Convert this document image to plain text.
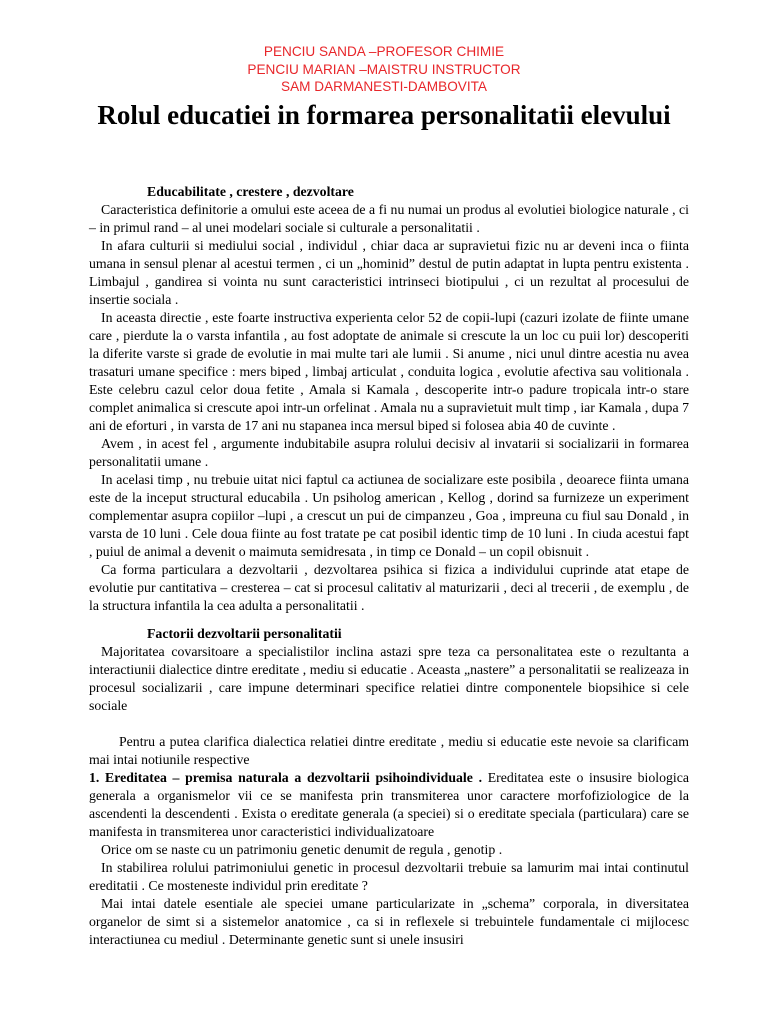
PENCIU SANDA –PROFESOR CHIMIE
PENCIU MARIAN –MAISTRU INSTRUCTOR
SAM DARMANESTI-DAMBOVITA
Rolul educatiei in formarea personalitatii elevului
Educabilitate , crestere , dezvoltare

Caracteristica definitorie a omului este aceea de a fi nu numai un produs al evolutiei biologice naturale , ci – in primul rand – al unei modelari sociale si culturale a personalitatii .

In afara culturii si mediului social , individul , chiar daca ar supravietui fizic nu ar deveni inca o fiinta umana in sensul plenar al acestui termen , ci un „hominid” destul de putin adaptat in lupta pentru existenta . Limbajul , gandirea si vointa nu sunt caracteristici intrinseci biotipului , ci un rezultat al procesului de insertie sociala .

In aceasta directie , este foarte instructiva experienta celor 52 de copii-lupi (cazuri izolate de fiinte umane care , pierdute la o varsta infantila , au fost adoptate de animale si crescute la un loc cu puii lor) descoperiti la diferite varste si grade de evolutie in mai multe tari ale lumii . Si anume , nici unul dintre acestia nu avea trasaturi umane specifice : mers biped , limbaj articulat , conduita logica , evolutie afectiva sau volitionala . Este celebru cazul celor doua fetite , Amala si Kamala , descoperite intr-o padure tropicala intr-o stare complet animalica si crescute apoi intr-un orfelinat . Amala nu a supravietuit mult timp , iar Kamala , dupa 7 ani de eforturi , in varsta de 17 ani nu stapanea inca mersul biped si folosea abia 40 de cuvinte .

Avem , in acest fel , argumente indubitabile asupra rolului decisiv al invatarii si socializarii in formarea personalitatii umane .

In acelasi timp , nu trebuie uitat nici faptul ca actiunea de socializare este posibila , deoarece fiinta umana este de la inceput structural educabila . Un psiholog american , Kellog , dorind sa furnizeze un experiment complementar asupra copiilor –lupi , a crescut un pui de cimpanzeu , Goa , impreuna cu fiul sau Donald , in varsta de 10 luni . Cele doua fiinte au fost tratate pe cat posibil identic timp de 10 luni . In ciuda acestui fapt , puiul de animal a devenit o maimuta semidresata , in timp ce Donald – un copil obisnuit .

Ca forma particulara a dezvoltarii , dezvoltarea psihica si fizica a individului cuprinde atat etape de evolutie pur cantitativa – cresterea – cat si procesul calitativ al maturizarii , deci al trecerii , de exemplu , de la structura infantila la cea adulta a personalitatii .

Factorii dezvoltarii personalitatii

Majoritatea covarsitoare a specialistilor inclina astazi spre teza ca personalitatea este o rezultanta a interactiunii dialectice dintre ereditate , mediu si educatie . Aceasta „nastere” a personalitatii se realizeaza in procesul socializarii , care impune determinari specifice relatiei dintre componentele biopsihice si cele sociale

Pentru a putea clarifica dialectica relatiei dintre ereditate , mediu si educatie este nevoie sa clarificam mai intai notiunile respective

1. Ereditatea – premisa naturala a dezvoltarii psihoindividuale . Ereditatea este o insusire biologica generala a organismelor vii ce se manifesta prin transmiterea unor caractere morfofiziologice de la ascendenti la descendenti . Exista o ereditate generala (a speciei) si o ereditate speciala (particulara) care se manifesta in transmiterea unor caracteristici individualizatoare

Orice om se naste cu un patrimoniu genetic denumit de regula , genotip .

In stabilirea rolului patrimoniului genetic in procesul dezvoltarii trebuie sa lamurim mai intai continutul ereditatii . Ce mosteneste individul prin ereditate ?

Mai intai datele esentiale ale speciei umane particularizate in „schema” corporala, in diversitatea organelor de simt si a sistemelor anatomice , ca si in reflexele si trebuintele fundamentale ci mijlocesc interactiunea cu mediul . Determinante genetic sunt si unele insusiri
